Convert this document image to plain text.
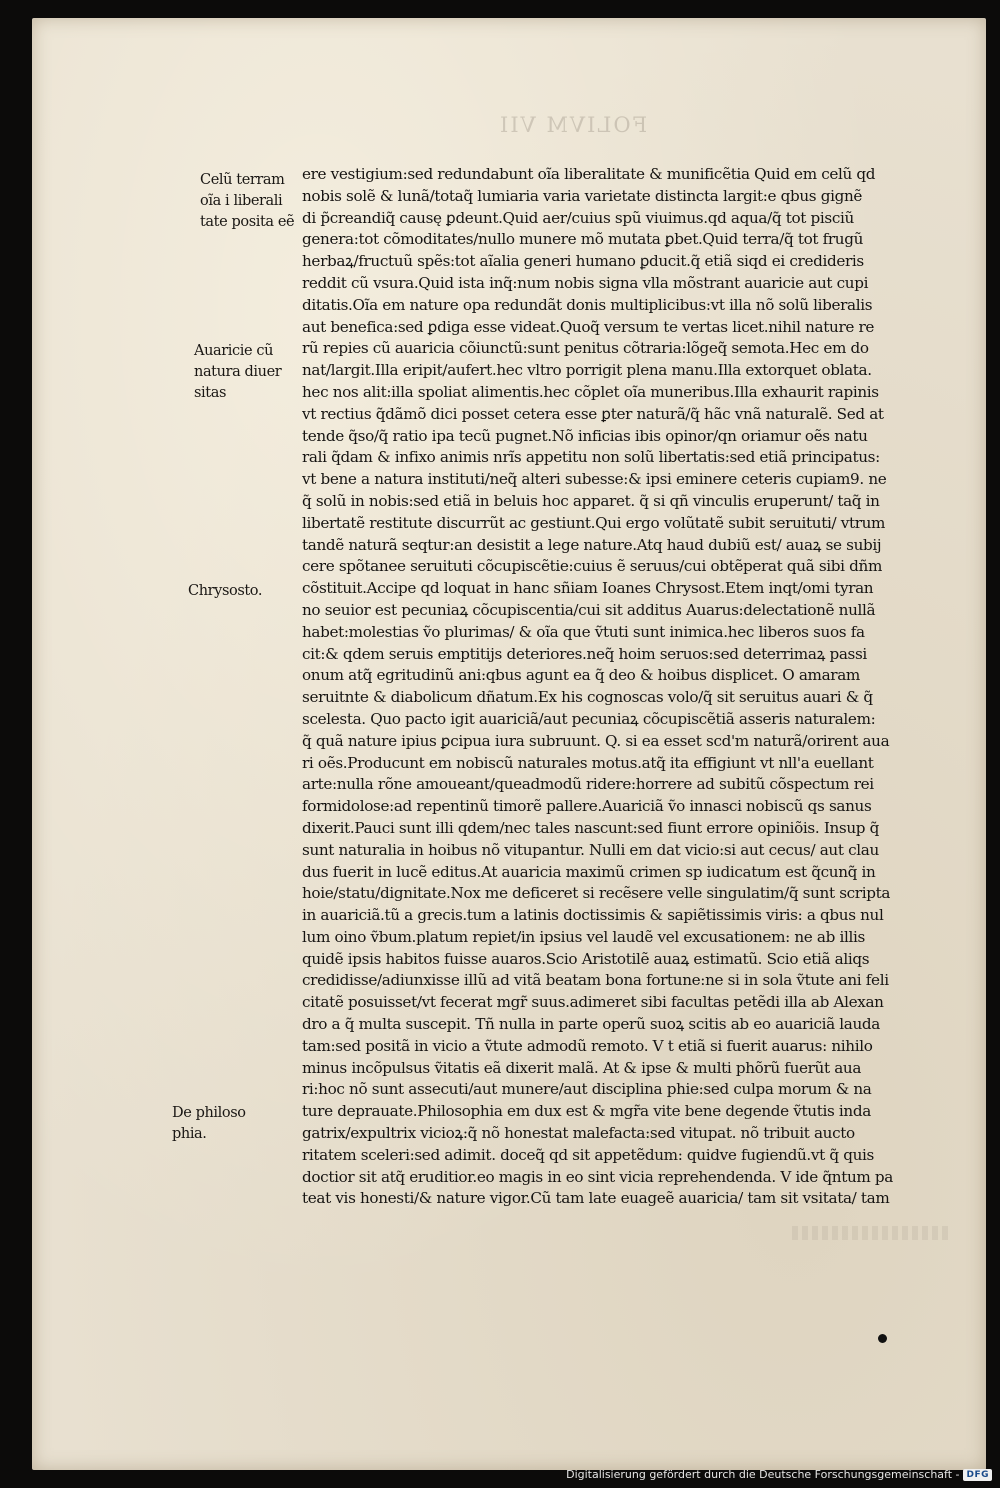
FOLIVM VII
Celũ terram
oĩa i liberali
tate posita eẽ
Auaricie cũ
natura diuer
sitas
Chrysosto.
De philoso
phia.
ere vestigium:sed redundabunt oĩa liberalitate & munificẽtia Quid em celũ qd
nobis solẽ & lunã/totaq̃ lumiaria varia varietate distincta largit:e qbus gignẽ
di p̃creandiq̃ causę ꝑdeunt.Quid aer/cuius spũ viuimus.qd aqua/q̃ tot pisciũ
genera:tot cõmoditates/nullo munere mõ mutata ꝑbet.Quid terra/q̃ tot frugũ
herbaꝝ/fructuũ spẽs:tot aĩalia generi humano ꝑducit.q̃ etiã siqd ei credideris
reddit cũ vsura.Quid ista inq̃:num nobis signa vlla mõstrant auaricie aut cupi
ditatis.Oĩa em nature opa redundãt donis multiplicibus:vt illa nõ solũ liberalis
aut benefica:sed ꝑdiga esse videat.Quoq̃ versum te vertas licet.nihil nature re
rũ repies cũ auaricia cõiunctũ:sunt penitus cõtraria:lõgeq̃ semota.Hec em do
nat/largit.Illa eripit/aufert.hec vltro porrigit plena manu.Illa extorquet oblata.
hec nos alit:illa spoliat alimentis.hec cõplet oĩa muneribus.Illa exhaurit rapinis
vt rectius q̃dãmõ dici posset cetera esse ꝑter naturã/q̃ hãc vnã naturalẽ. Sed at
tende q̃so/q̃ ratio ipa tecũ pugnet.Nõ inficias ibis opinor/qn oriamur oẽs natu
rali q̃dam & infixo animis nrĩs appetitu non solũ libertatis:sed etiã principatus:
vt bene a natura instituti/neq̃ alteri subesse:& ipsi eminere ceteris cupiam9. ne
q̃ solũ in nobis:sed etiã in beluis hoc apparet. q̃ si qñ vinculis eruperunt/ taq̃ in
libertatẽ restitute discurrũt ac gestiunt.Qui ergo volũtatẽ subit seruituti/ vtrum
tandẽ naturã seqtur:an desistit a lege nature.Atq haud dubiũ est/ auaꝝ se subij
cere spõtanee seruituti cõcupiscẽtie:cuius ẽ seruus/cui obtẽperat quã sibi dñm
cõstituit.Accipe qd loquat in hanc sñiam Ioanes Chrysost.Etem inqt/omi tyran
no seuior est pecuniaꝝ cõcupiscentia/cui sit additus Auarus:delectationẽ nullã
habet:molestias ṽo plurimas/ & oĩa que ṽtuti sunt inimica.hec liberos suos fa
cit:& qdem seruis emptitijs deteriores.neq̃ hoim seruos:sed deterrimaꝝ passi
onum atq̃ egritudinũ ani:qbus agunt ea q̃ deo & hoibus displicet. O amaram
seruitnte & diabolicum dñatum.Ex his cognoscas volo/q̃ sit seruitus auari & q̃
scelesta. Quo pacto igit auariciã/aut pecuniaꝝ cõcupiscẽtiã asseris naturalem:
q̃ quã nature ipius ꝑcipua iura subruunt. Q. si ea esset scd'm naturã/orirent aua
ri oẽs.Producunt em nobiscũ naturales motus.atq̃ ita effigiunt vt nll'a euellant
arte:nulla rõne amoueant/queadmodũ ridere:horrere ad subitũ cõspectum rei
formidolose:ad repentinũ timorẽ pallere.Auariciã ṽo innasci nobiscũ qs sanus
dixerit.Pauci sunt illi qdem/nec tales nascunt:sed fiunt errore opiniõis. Insup q̃
sunt naturalia in hoibus nõ vitupantur. Nulli em dat vicio:si aut cecus/ aut clau
dus fuerit in lucẽ editus.At auaricia maximũ crimen sp iudicatum est q̃cunq̃ in
hoie/statu/dignitate.Nox me deficeret si recẽsere velle singulatim/q̃ sunt scripta
in auariciã.tũ a grecis.tum a latinis doctissimis & sapiẽtissimis viris: a qbus nul
lum oino ṽbum.platum repiet/in ipsius vel laudẽ vel excusationem: ne ab illis
quidẽ ipsis habitos fuisse auaros.Scio Aristotilẽ auaꝝ estimatũ. Scio etiã aliqs
credidisse/adiunxisse illũ ad vitã beatam bona fortune:ne si in sola ṽtute ani feli
citatẽ posuisset/vt fecerat mgr̃ suus.adimeret sibi facultas petẽdi illa ab Alexan
dro a q̃ multa suscepit. Tñ nulla in parte operũ suoꝝ scitis ab eo auariciã lauda
tam:sed positã in vicio a ṽtute admodũ remoto. V t etiã si fuerit auarus: nihilo
minus incõpulsus ṽitatis eã dixerit malã. At & ipse & multi phõrũ fuerũt aua
ri:hoc nõ sunt assecuti/aut munere/aut disciplina phie:sed culpa morum & na
ture deprauate.Philosophia em dux est & mgr̃a vite bene degende ṽtutis inda
gatrix/expultrix vicioꝝ:q̃ nõ honestat malefacta:sed vitupat. nõ tribuit aucto
ritatem sceleri:sed adimit. doceq̃ qd sit appetẽdum: quidve fugiendũ.vt q̃ quis
doctior sit atq̃ eruditior.eo magis in eo sint vicia reprehendenda. V ide q̃ntum pa
teat vis honesti/& nature vigor.Cũ tam late euageẽ auaricia/ tam sit vsitata/ tam
Digitalisierung gefördert durch die Deutsche Forschungsgemeinschaft - DFG
